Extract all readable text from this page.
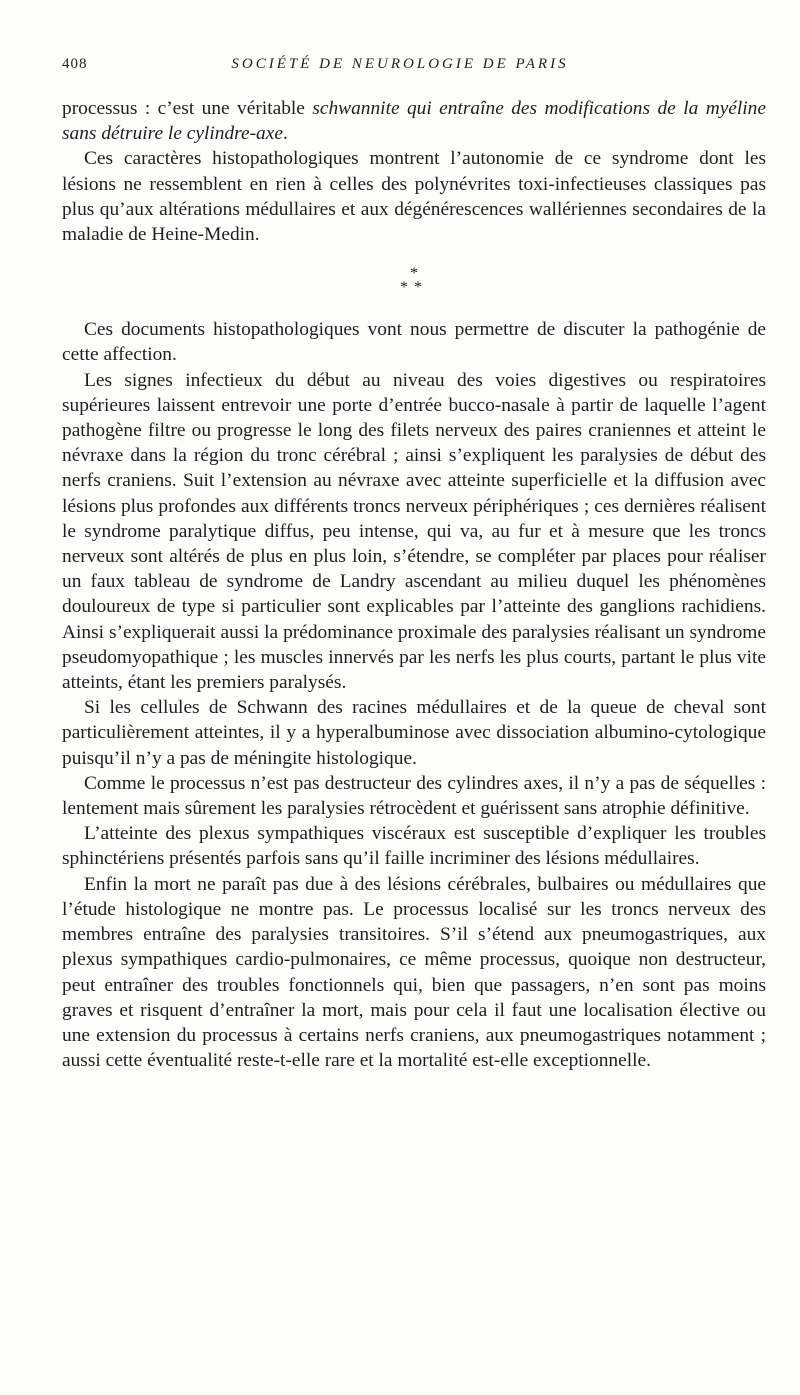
408	SOCIÉTÉ DE NEUROLOGIE DE PARIS

processus : c’est une véritable schwannite qui entraîne des modifications de la myéline sans détruire le cylindre-axe.

Ces caractères histopathologiques montrent l’autonomie de ce syndrome dont les lésions ne ressemblent en rien à celles des polynévrites toxi-infectieuses classiques pas plus qu’aux altérations médullaires et aux dégénérescences wallériennes secondaires de la maladie de Heine-Medin.

*
**

Ces documents histopathologiques vont nous permettre de discuter la pathogénie de cette affection.

Les signes infectieux du début au niveau des voies digestives ou respiratoires supérieures laissent entrevoir une porte d’entrée bucco-nasale à partir de laquelle l’agent pathogène filtre ou progresse le long des filets nerveux des paires craniennes et atteint le névraxe dans la région du tronc cérébral ; ainsi s’expliquent les paralysies de début des nerfs craniens. Suit l’extension au névraxe avec atteinte superficielle et la diffusion avec lésions plus profondes aux différents troncs nerveux périphériques ; ces dernières réalisent le syndrome paralytique diffus, peu intense, qui va, au fur et à mesure que les troncs nerveux sont altérés de plus en plus loin, s’étendre, se compléter par places pour réaliser un faux tableau de syndrome de Landry ascendant au milieu duquel les phénomènes douloureux de type si particulier sont explicables par l’atteinte des ganglions rachidiens. Ainsi s’expliquerait aussi la prédominance proximale des paralysies réalisant un syndrome pseudomyopathique ; les muscles innervés par les nerfs les plus courts, partant le plus vite atteints, étant les premiers paralysés.

Si les cellules de Schwann des racines médullaires et de la queue de cheval sont particulièrement atteintes, il y a hyperalbuminose avec dissociation albumino-cytologique puisqu’il n’y a pas de méningite histologique.

Comme le processus n’est pas destructeur des cylindres axes, il n’y a pas de séquelles : lentement mais sûrement les paralysies rétrocèdent et guérissent sans atrophie définitive.

L’atteinte des plexus sympathiques viscéraux est susceptible d’expliquer les troubles sphinctériens présentés parfois sans qu’il faille incriminer des lésions médullaires.

Enfin la mort ne paraît pas due à des lésions cérébrales, bulbaires ou médullaires que l’étude histologique ne montre pas. Le processus localisé sur les troncs nerveux des membres entraîne des paralysies transitoires. S’il s’étend aux pneumogastriques, aux plexus sympathiques cardio-pulmonaires, ce même processus, quoique non destructeur, peut entraîner des troubles fonctionnels qui, bien que passagers, n’en sont pas moins graves et risquent d’entraîner la mort, mais pour cela il faut une localisation élective ou une extension du processus à certains nerfs craniens, aux pneumogastriques notamment ; aussi cette éventualité reste-t-elle rare et la mortalité est-elle exceptionnelle.
